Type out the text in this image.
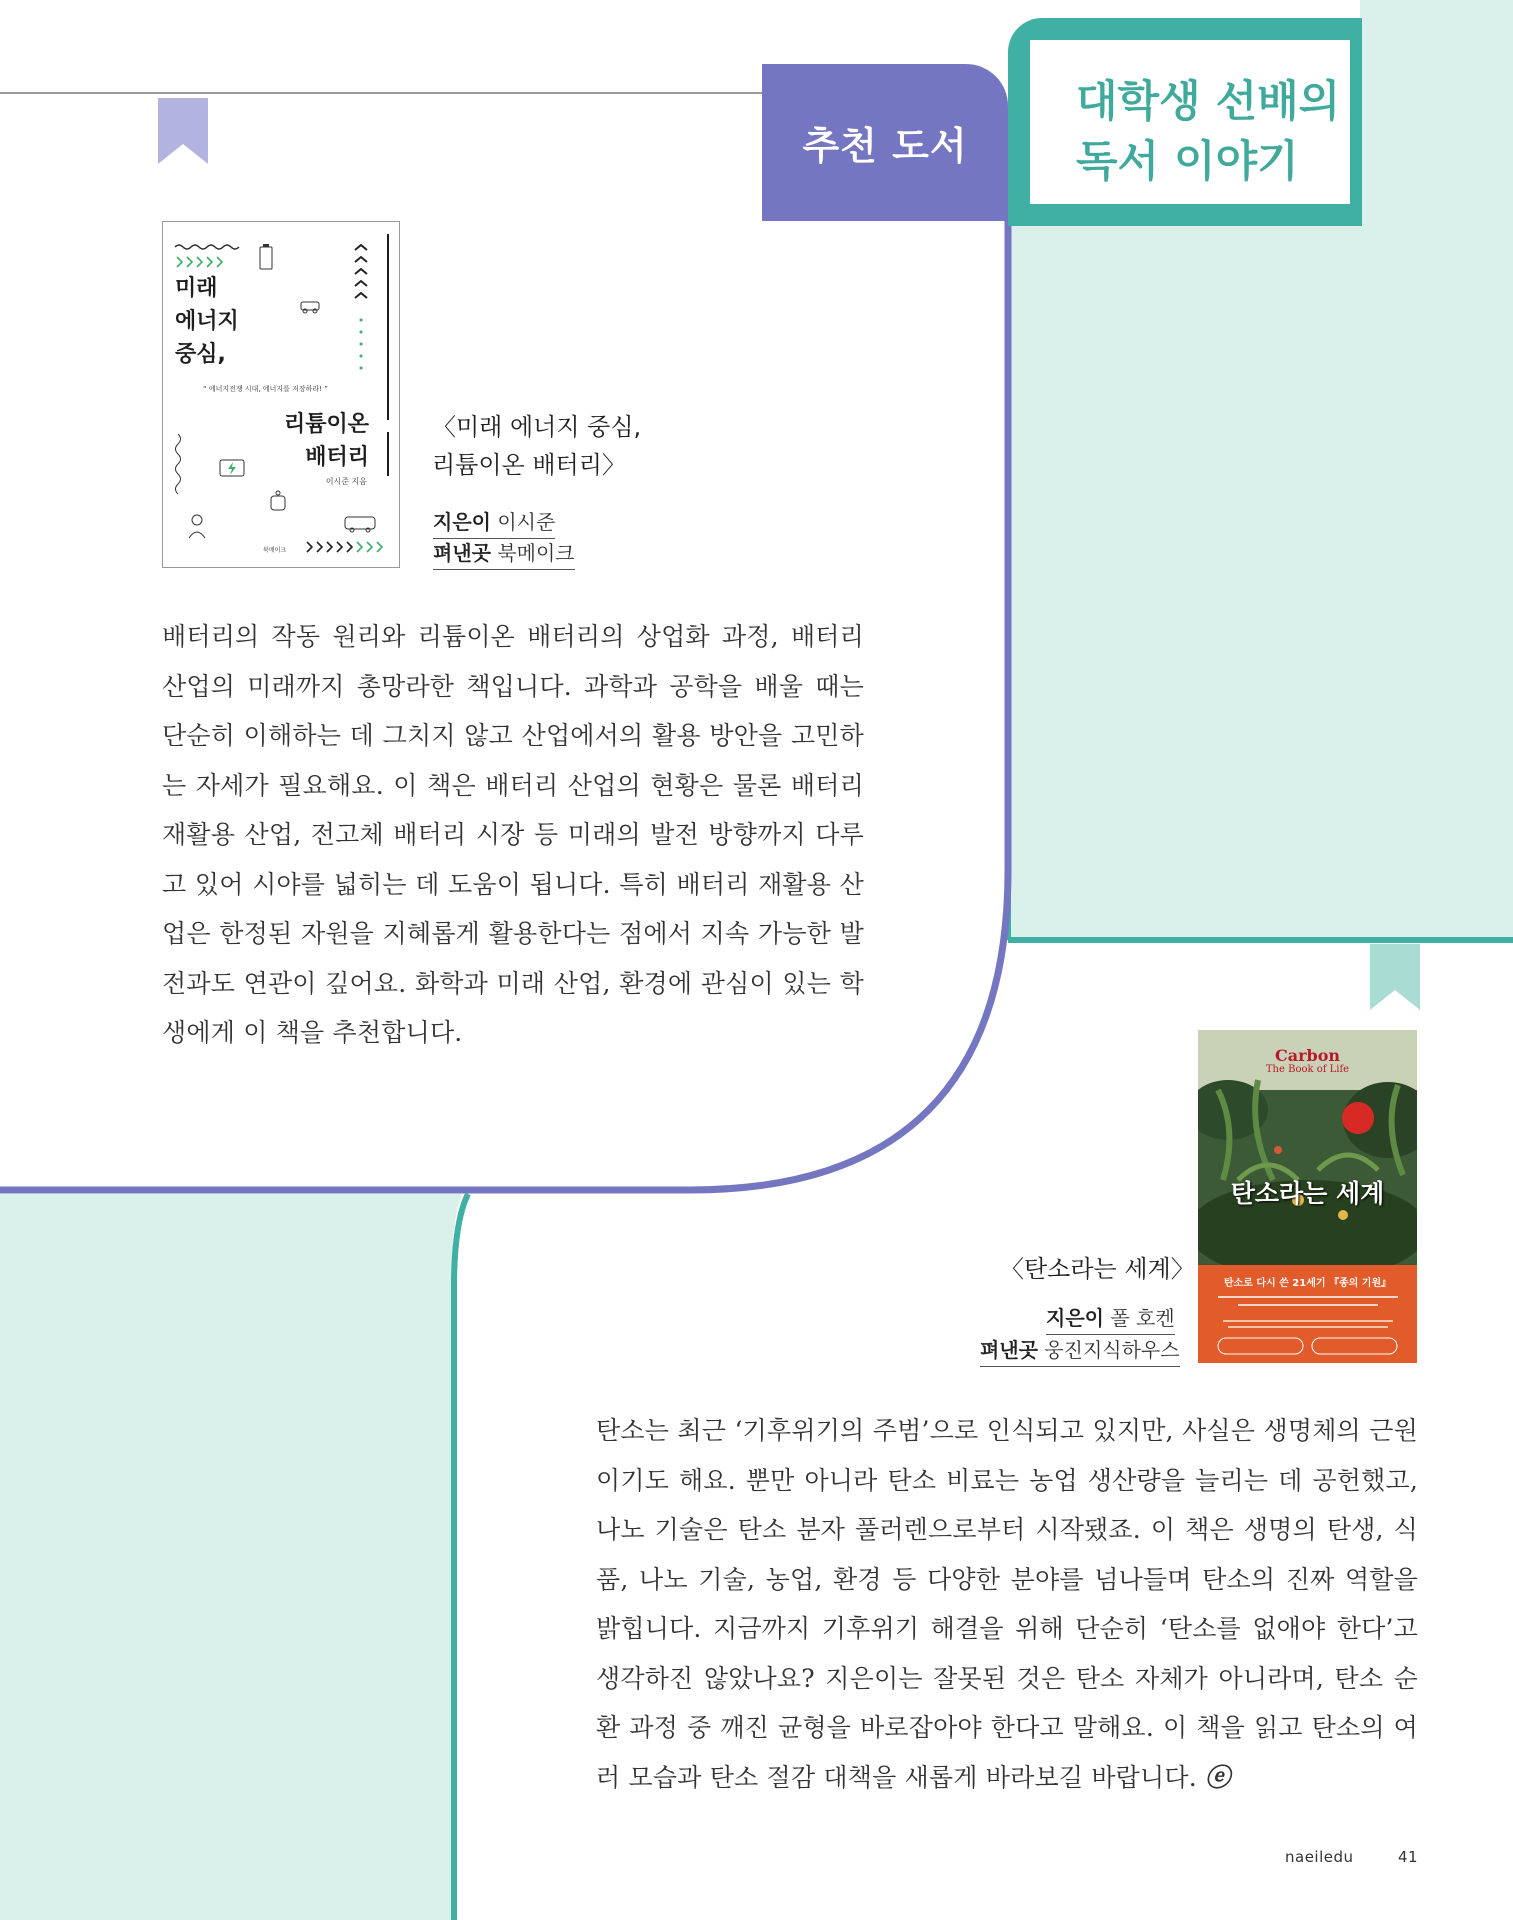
추천 도서
대학생 선배의
독서 이야기
미래
에너지
중심,
“ 에너지전쟁 시대, 에너지를 저장하라! ”
리튬이온
배터리
이시준 지음
북메이크
〈미래 에너지 중심,
리튬이온 배터리〉
지은이 이시준
펴낸곳 북메이크

배터리의 작동 원리와 리튬이온 배터리의 상업화 과정, 배터리 산업의 미래까지 총망라한 책입니다. 과학과 공학을 배울 때는 단순히 이해하는 데 그치지 않고 산업에서의 활용 방안을 고민하는 자세가 필요해요. 이 책은 배터리 산업의 현황은 물론 배터리 재활용 산업, 전고체 배터리 시장 등 미래의 발전 방향까지 다루고 있어 시야를 넓히는 데 도움이 됩니다. 특히 배터리 재활용 산업은 한정된 자원을 지혜롭게 활용한다는 점에서 지속 가능한 발전과도 연관이 깊어요. 화학과 미래 산업, 환경에 관심이 있는 학생에게 이 책을 추천합니다.

Carbon
The Book of Life
탄소라는 세계
탄소로 다시 쓴 21세기 『종의 기원』
〈탄소라는 세계〉
지은이 폴 호켄
펴낸곳 웅진지식하우스

탄소는 최근 ‘기후위기의 주범’으로 인식되고 있지만, 사실은 생명체의 근원이기도 해요. 뿐만 아니라 탄소 비료는 농업 생산량을 늘리는 데 공헌했고, 나노 기술은 탄소 분자 풀러렌으로부터 시작됐죠. 이 책은 생명의 탄생, 식품, 나노 기술, 농업, 환경 등 다양한 분야를 넘나들며 탄소의 진짜 역할을 밝힙니다. 지금까지 기후위기 해결을 위해 단순히 ‘탄소를 없애야 한다’고 생각하진 않았나요? 지은이는 잘못된 것은 탄소 자체가 아니라며, 탄소 순환 과정 중 깨진 균형을 바로잡아야 한다고 말해요. 이 책을 읽고 탄소의 여러 모습과 탄소 절감 대책을 새롭게 바라보길 바랍니다. ⓔ

naeiledu	41
